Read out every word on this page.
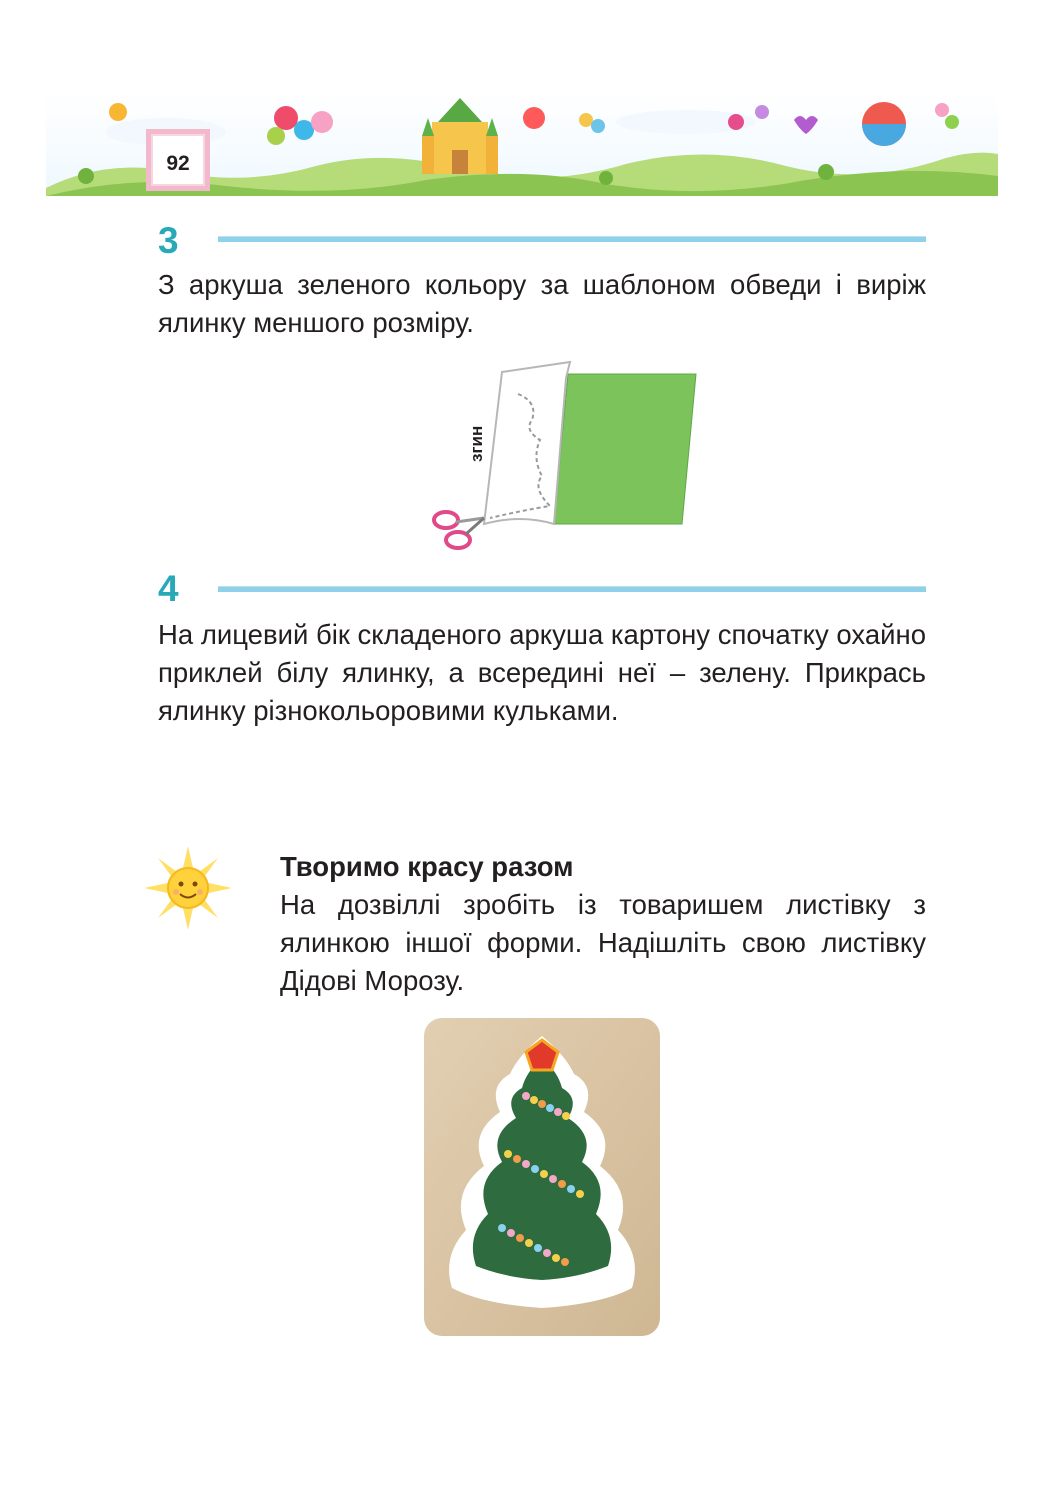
92
3
З аркуша зеленого кольору за шаблоном обведи і виріж ялинку меншого розміру.
згин
4
На лицевий бік складеного аркуша картону спочатку охайно приклей білу ялинку, а всередині неї – зелену. Прикрась ялинку різнокольоровими кульками.
Творимо красу разом
На дозвіллі зробіть із товаришем листівку з ялинкою іншої форми. Надішліть свою листівку Дідові Морозу.
